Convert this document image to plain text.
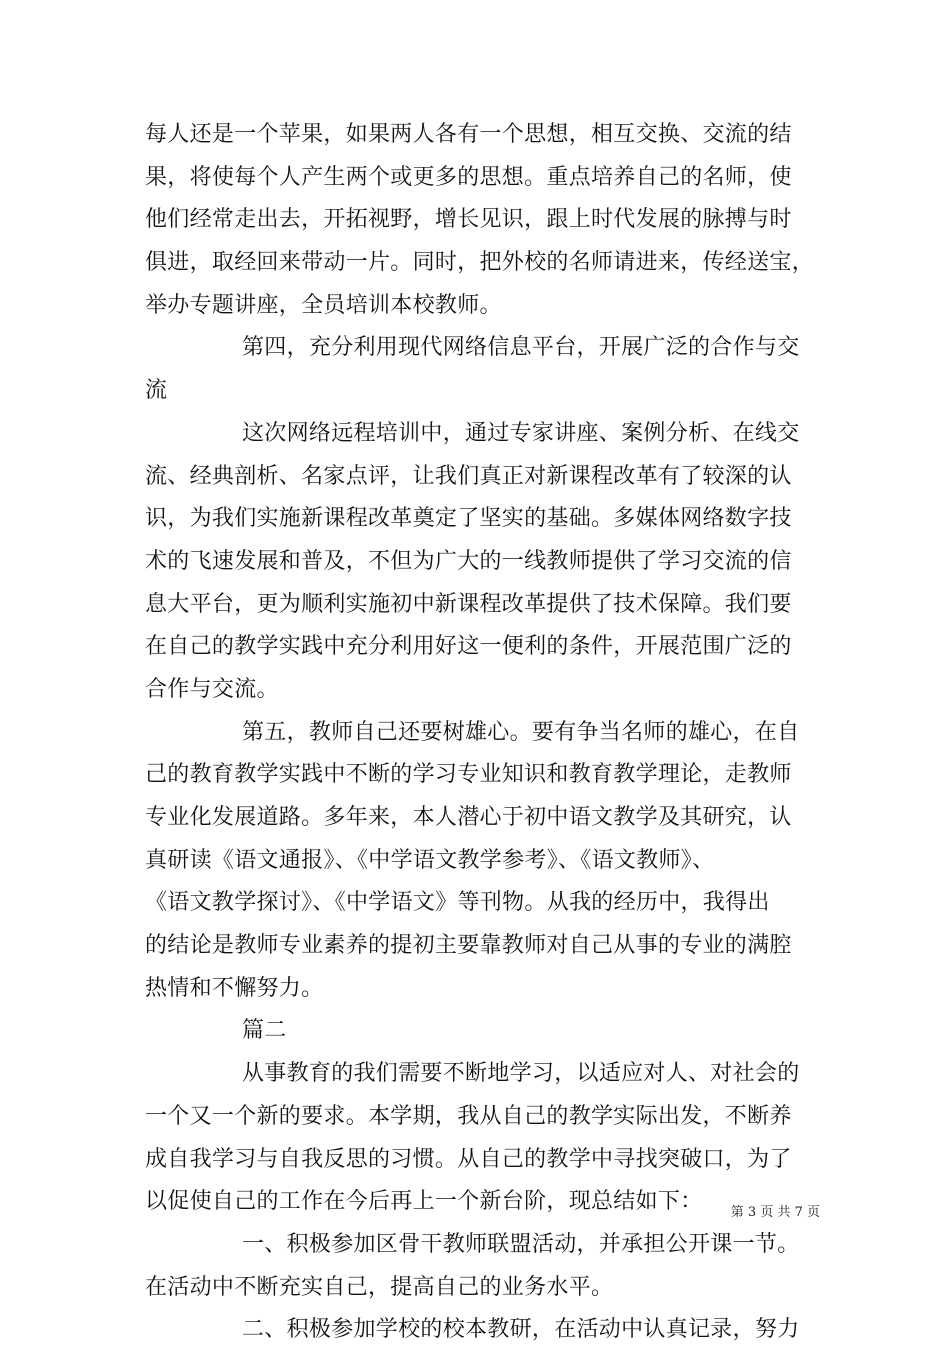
每人还是一个苹果，如果两人各有一个思想，相互交换、交流的结
果，将使每个人产生两个或更多的思想。重点培养自己的名师，使
他们经常走出去，开拓视野，增长见识，跟上时代发展的脉搏与时
俱进，取经回来带动一片。同时，把外校的名师请进来，传经送宝，
举办专题讲座，全员培训本校教师。
第四，充分利用现代网络信息平台，开展广泛的合作与交
流
这次网络远程培训中，通过专家讲座、案例分析、在线交
流、经典剖析、名家点评，让我们真正对新课程改革有了较深的认
识，为我们实施新课程改革奠定了坚实的基础。多媒体网络数字技
术的飞速发展和普及，不但为广大的一线教师提供了学习交流的信
息大平台，更为顺利实施初中新课程改革提供了技术保障。我们要
在自己的教学实践中充分利用好这一便利的条件，开展范围广泛的
合作与交流。
第五，教师自己还要树雄心。要有争当名师的雄心，在自
己的教育教学实践中不断的学习专业知识和教育教学理论，走教师
专业化发展道路。多年来，本人潜心于初中语文教学及其研究，认
真研读《语文通报》、《中学语文教学参考》、《语文教师》、
《语文教学探讨》、《中学语文》等刊物。从我的经历中，我得出
的结论是教师专业素养的提初主要靠教师对自己从事的专业的满腔
热情和不懈努力。
篇二
从事教育的我们需要不断地学习，以适应对人、对社会的
一个又一个新的要求。本学期，我从自己的教学实际出发，不断养
成自我学习与自我反思的习惯。从自己的教学中寻找突破口，为了
以促使自己的工作在今后再上一个新台阶，现总结如下：
一、积极参加区骨干教师联盟活动，并承担公开课一节。
在活动中不断充实自己，提高自己的业务水平。
二、积极参加学校的校本教研，在活动中认真记录，努力
第 3 页 共 7 页
